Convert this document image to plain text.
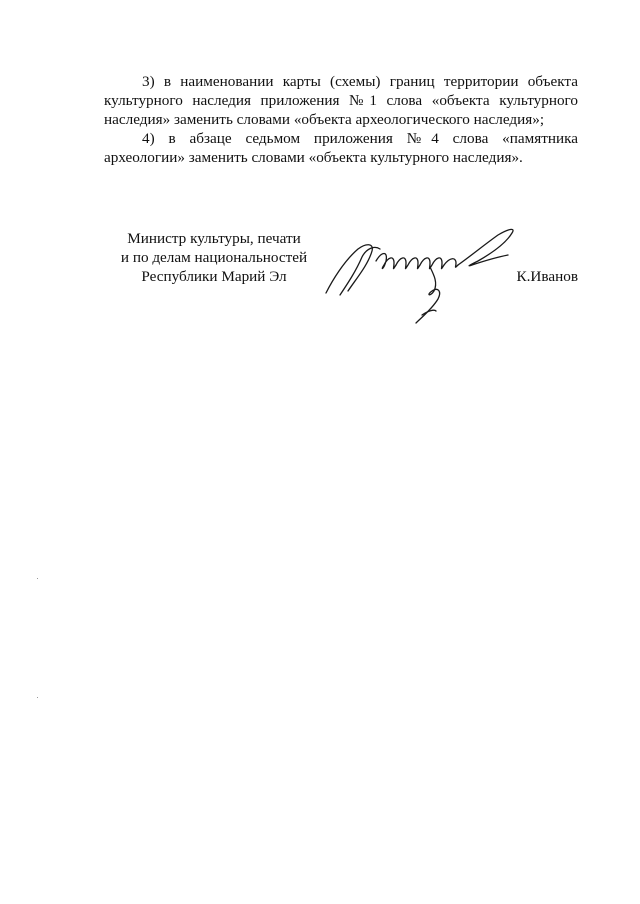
3) в наименовании карты (схемы) границ территории объекта культурного наследия приложения №1 слова «объекта культурного наследия» заменить словами «объекта археологического наследия»;

4) в абзаце седьмом приложения №4 слова «памятника археологии» заменить словами «объекта культурного наследия».

Министр культуры, печати
и по делам национальностей
Республики Марий Эл	К.Иванов
